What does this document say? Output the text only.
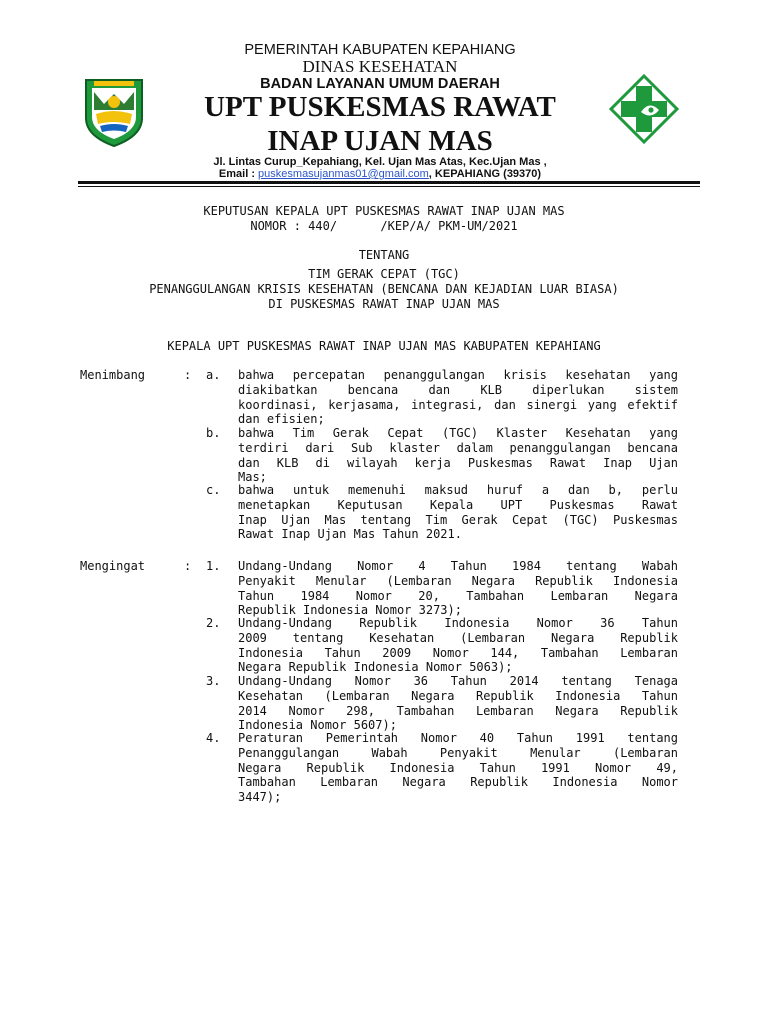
PEMERINTAH KABUPATEN KEPAHIANG
DINAS KESEHATAN
BADAN LAYANAN UMUM DAERAH
UPT PUSKESMAS RAWAT
INAP UJAN MAS
Jl. Lintas Curup_Kepahiang, Kel. Ujan Mas Atas, Kec.Ujan Mas ,
Email : puskesmasujanmas01@gmail.com, KEPAHIANG (39370)
KEPUTUSAN KEPALA UPT PUSKESMAS RAWAT INAP UJAN MAS
NOMOR : 440/      /KEP/A/ PKM-UM/2021
TENTANG
TIM GERAK CEPAT (TGC)
PENANGGULANGAN KRISIS KESEHATAN (BENCANA DAN KEJADIAN LUAR BIASA)
DI PUSKESMAS RAWAT INAP UJAN MAS
KEPALA UPT PUSKESMAS RAWAT INAP UJAN MAS KABUPATEN KEPAHIANG
Menimbang	: a. bahwa percepatan penanggulangan krisis kesehatan yang
diakibatkan bencana dan KLB diperlukan sistem
koordinasi, kerjasama, integrasi, dan sinergi yang efektif
dan efisien;
b. bahwa Tim Gerak Cepat (TGC) Klaster Kesehatan yang
terdiri dari Sub klaster dalam penanggulangan bencana
dan KLB di wilayah kerja Puskesmas Rawat Inap Ujan
Mas;
c. bahwa untuk memenuhi maksud huruf a dan b, perlu
menetapkan Keputusan Kepala UPT Puskesmas Rawat
Inap Ujan Mas tentang Tim Gerak Cepat (TGC) Puskesmas
Rawat Inap Ujan Mas Tahun 2021.
Mengingat	: 1. Undang-Undang Nomor 4 Tahun 1984 tentang Wabah
Penyakit Menular (Lembaran Negara Republik Indonesia
Tahun 1984 Nomor 20, Tambahan Lembaran Negara
Republik Indonesia Nomor 3273);
2. Undang-Undang Republik Indonesia Nomor 36 Tahun
2009 tentang Kesehatan (Lembaran Negara Republik
Indonesia Tahun 2009 Nomor 144, Tambahan Lembaran
Negara Republik Indonesia Nomor 5063);
3. Undang-Undang Nomor 36 Tahun 2014 tentang Tenaga
Kesehatan (Lembaran Negara Republik Indonesia Tahun
2014 Nomor 298, Tambahan Lembaran Negara Republik
Indonesia Nomor 5607);
4. Peraturan Pemerintah Nomor 40 Tahun 1991 tentang
Penanggulangan Wabah Penyakit Menular (Lembaran
Negara Republik Indonesia Tahun 1991 Nomor 49,
Tambahan Lembaran Negara Republik Indonesia Nomor
3447);
